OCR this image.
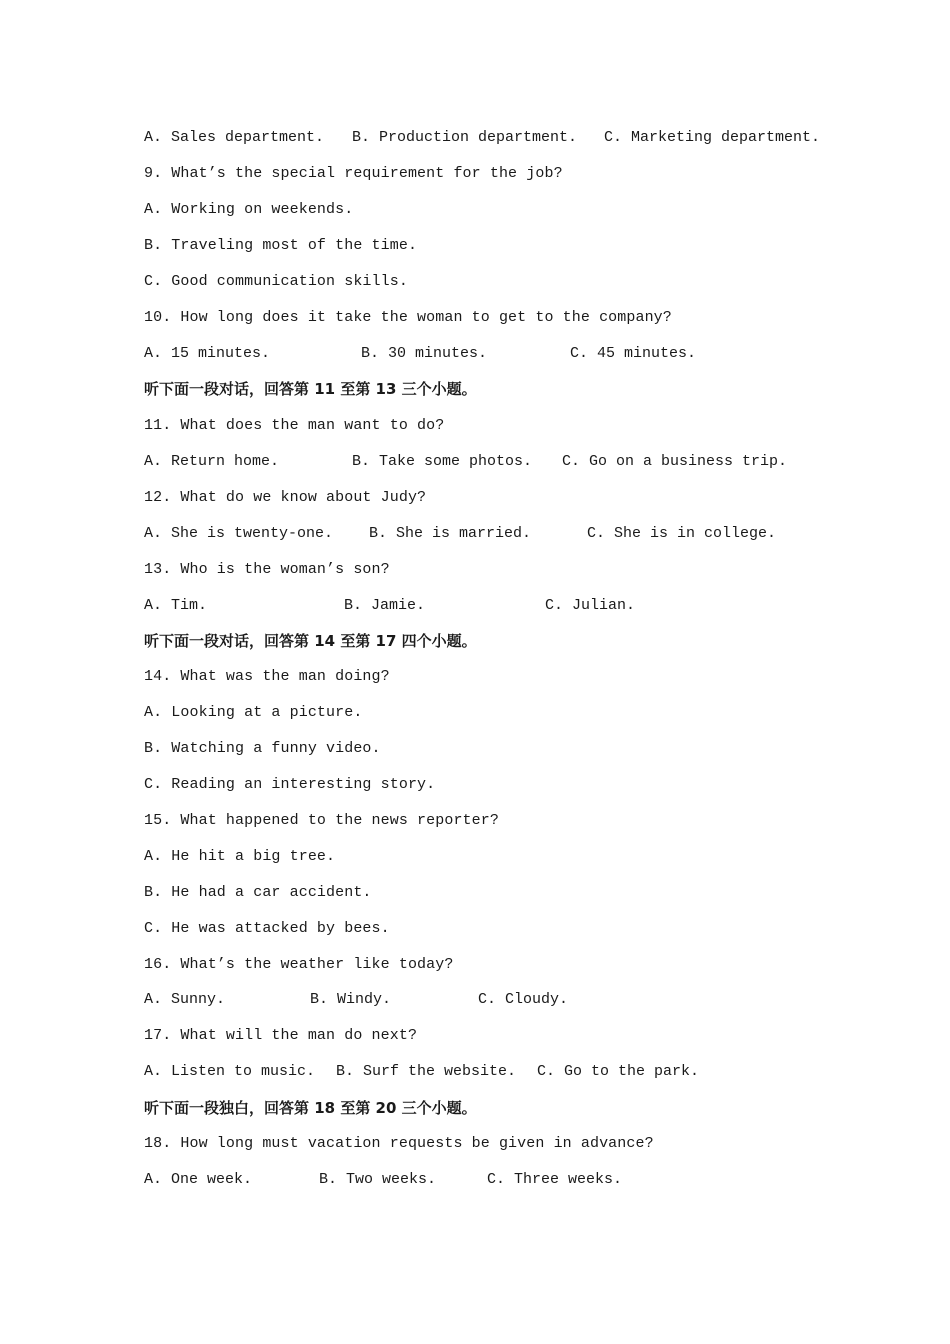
A. Sales department. B. Production department. C. Marketing department.
9. What’s the special requirement for the job?
A. Working on weekends.
B. Traveling most of the time.
C. Good communication skills.
10. How long does it take the woman to get to the company?
A. 15 minutes.	B. 30 minutes.	C. 45 minutes.
听下面一段对话，回答第 11 至第 13 三个小题。
11. What does the man want to do?
A. Return home.	B. Take some photos. C. Go on a business trip.
12. What do we know about Judy?
A. She is twenty-one. B. She is married.	C. She is in college.
13. Who is the woman’s son?
A. Tim.	B. Jamie.	C. Julian.
听下面一段对话，回答第 14 至第 17 四个小题。
14. What was the man doing?
A. Looking at a picture.
B. Watching a funny video.
C. Reading an interesting story.
15. What happened to the news reporter?
A. He hit a big tree.
B. He had a car accident.
C. He was attacked by bees.
16. What’s the weather like today?
A. Sunny.	B. Windy.	C. Cloudy.
17. What will the man do next?
A. Listen to music. B. Surf the website. C. Go to the park.
听下面一段独白，回答第 18 至第 20 三个小题。
18. How long must vacation requests be given in advance?
A. One week.	B. Two weeks.	C. Three weeks.
